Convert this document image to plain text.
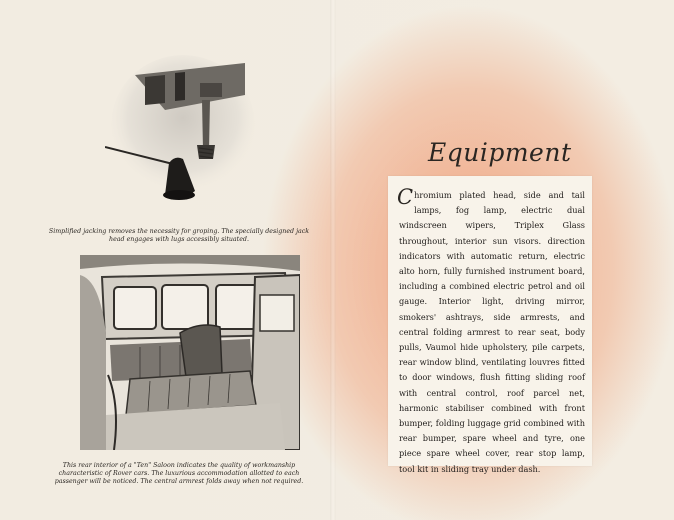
Simplified jacking removes the necessity for groping. The specially designed jack head engages with lugs accessibly situated.

This rear interior of a "Ten" Saloon indicates the quality of workmanship characteristic of Rover cars. The luxurious accommodation allotted to each passenger will be noticed. The central armrest folds away when not required.

Equipment

Chromium plated head, side and tail lamps, fog lamp, electric dual windscreen wipers, Triplex Glass throughout, interior sun visors. direction indicators with automatic return, electric alto horn, fully furnished instrument board, including a combined electric petrol and oil gauge. Interior light, driving mirror, smokers' ashtrays, side armrests, and central folding armrest to rear seat, body pulls, Vaumol hide upholstery, pile carpets, rear window blind, ventilating louvres fitted to door windows, flush fitting sliding roof with central control, roof parcel net, harmonic stabiliser combined with front bumper, folding luggage grid combined with rear bumper, spare wheel and tyre, one piece spare wheel cover, rear stop lamp, tool kit in sliding tray under dash.
